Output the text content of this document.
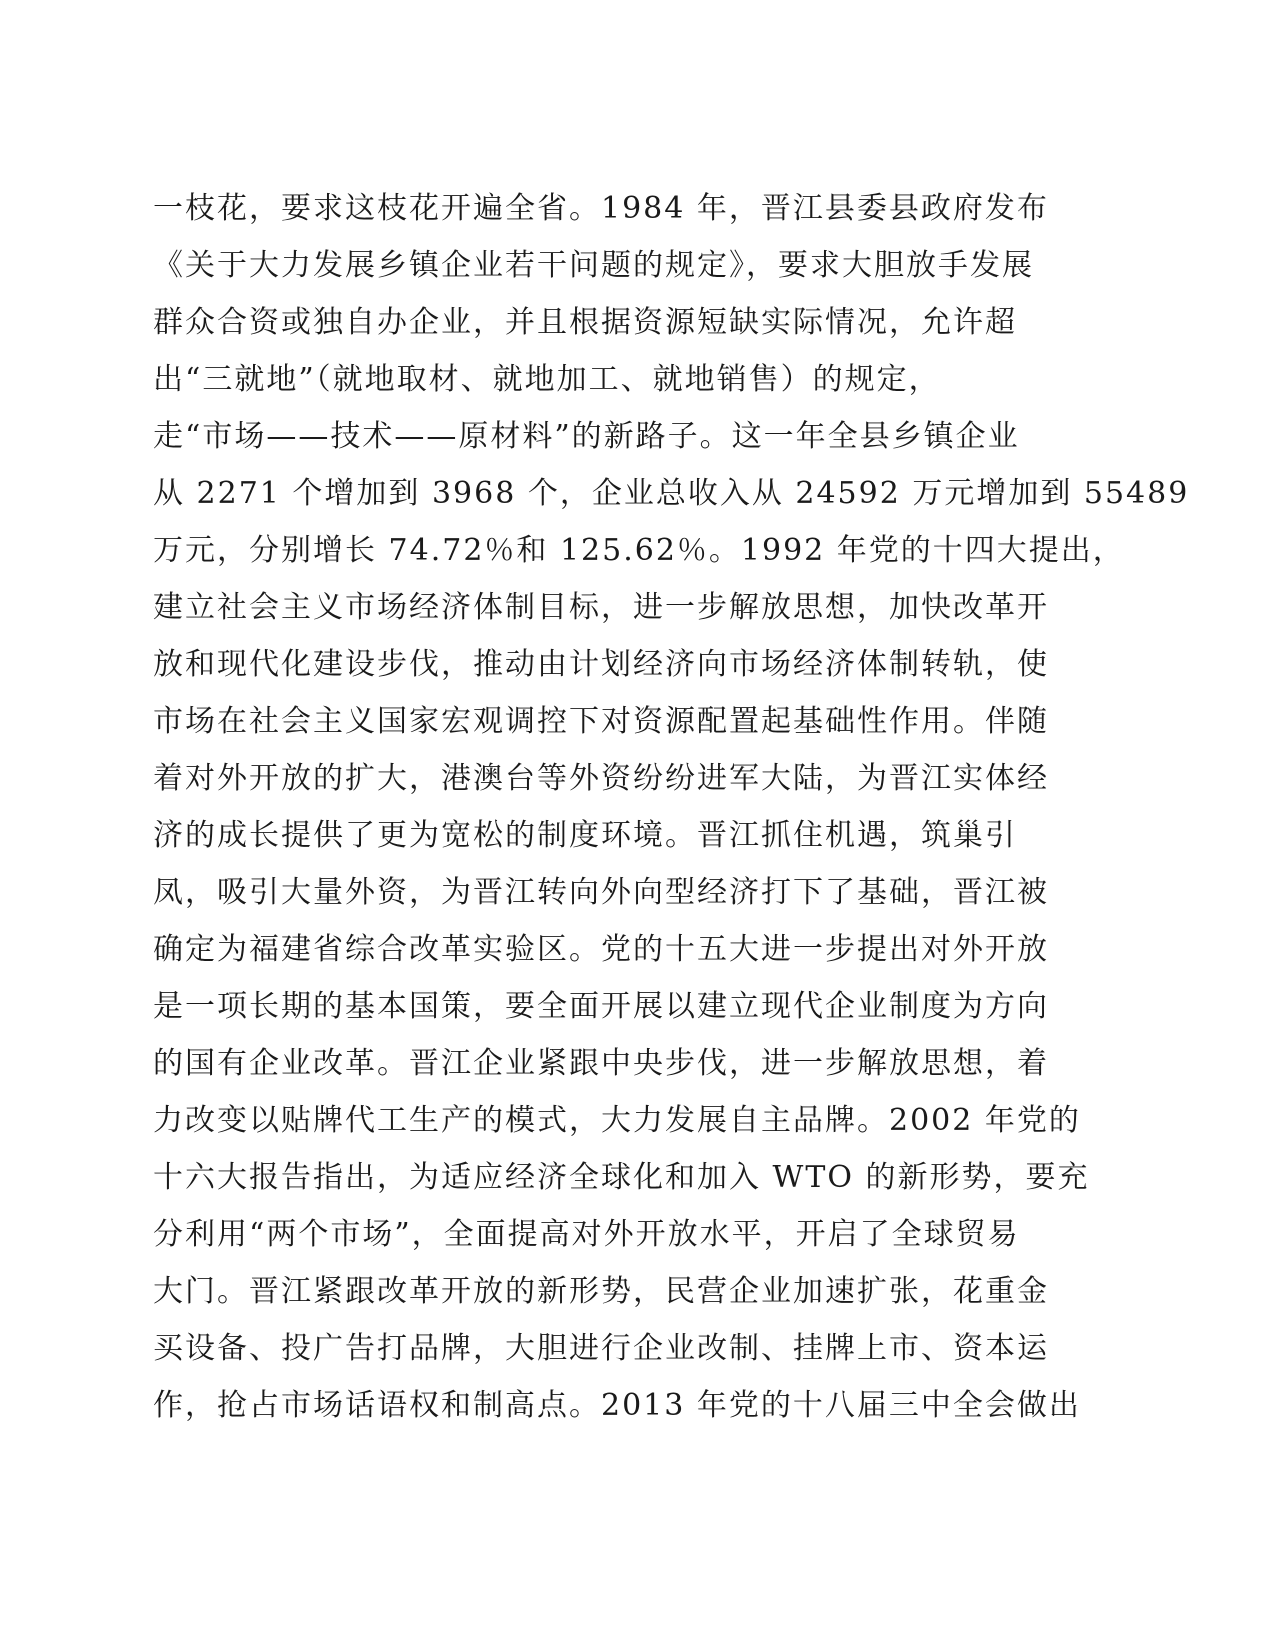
一枝花，要求这枝花开遍全省。1984 年，晋江县委县政府发布
《关于大力发展乡镇企业若干问题的规定》，要求大胆放手发展
群众合资或独自办企业，并且根据资源短缺实际情况，允许超
出“三就地”（就地取材、就地加工、就地销售）的规定，
走“市场——技术——原材料”的新路子。这一年全县乡镇企业
从 2271 个增加到 3968 个，企业总收入从 24592 万元增加到 55489
万元，分别增长 74.72％和 125.62％。1992 年党的十四大提出，
建立社会主义市场经济体制目标，进一步解放思想，加快改革开
放和现代化建设步伐，推动由计划经济向市场经济体制转轨，使
市场在社会主义国家宏观调控下对资源配置起基础性作用。伴随
着对外开放的扩大，港澳台等外资纷纷进军大陆，为晋江实体经
济的成长提供了更为宽松的制度环境。晋江抓住机遇，筑巢引
凤，吸引大量外资，为晋江转向外向型经济打下了基础，晋江被
确定为福建省综合改革实验区。党的十五大进一步提出对外开放
是一项长期的基本国策，要全面开展以建立现代企业制度为方向
的国有企业改革。晋江企业紧跟中央步伐，进一步解放思想，着
力改变以贴牌代工生产的模式，大力发展自主品牌。2002 年党的
十六大报告指出，为适应经济全球化和加入 WTO 的新形势，要充
分利用“两个市场”，全面提高对外开放水平，开启了全球贸易
大门。晋江紧跟改革开放的新形势，民营企业加速扩张，花重金
买设备、投广告打品牌，大胆进行企业改制、挂牌上市、资本运
作，抢占市场话语权和制高点。2013 年党的十八届三中全会做出
